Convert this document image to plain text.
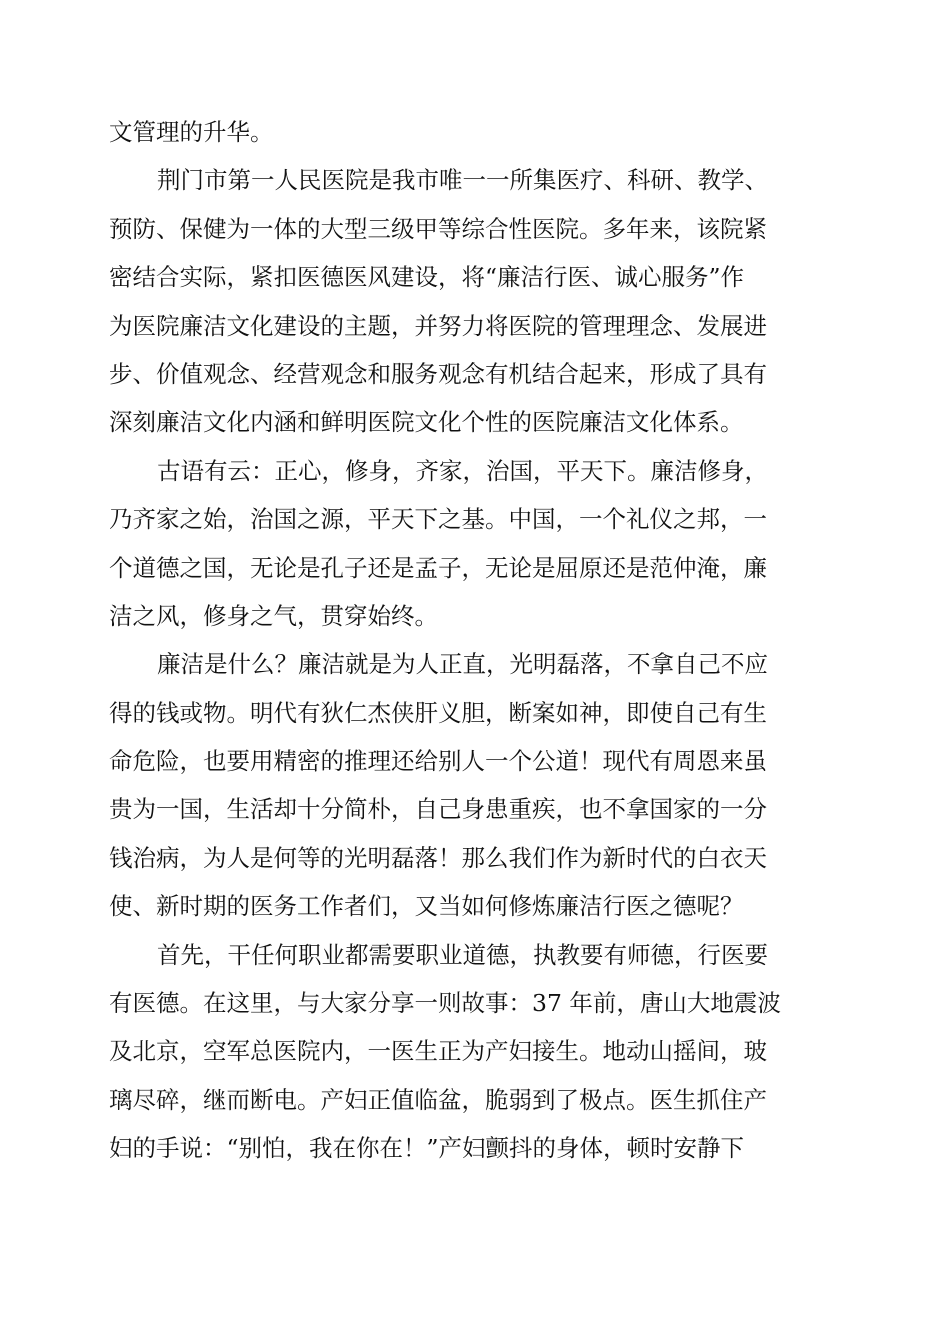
文管理的升华。
荆门市第一人民医院是我市唯一一所集医疗、科研、教学、
预防、保健为一体的大型三级甲等综合性医院。多年来，该院紧
密结合实际，紧扣医德医风建设，将“廉洁行医、诚心服务”作
为医院廉洁文化建设的主题，并努力将医院的管理理念、发展进
步、价值观念、经营观念和服务观念有机结合起来，形成了具有
深刻廉洁文化内涵和鲜明医院文化个性的医院廉洁文化体系。
古语有云：正心，修身，齐家，治国，平天下。廉洁修身，
乃齐家之始，治国之源，平天下之基。中国，一个礼仪之邦，一
个道德之国，无论是孔子还是孟子，无论是屈原还是范仲淹，廉
洁之风，修身之气，贯穿始终。
廉洁是什么？廉洁就是为人正直，光明磊落，不拿自己不应
得的钱或物。明代有狄仁杰侠肝义胆，断案如神，即使自己有生
命危险，也要用精密的推理还给别人一个公道！现代有周恩来虽
贵为一国，生活却十分简朴，自己身患重疾，也不拿国家的一分
钱治病，为人是何等的光明磊落！那么我们作为新时代的白衣天
使、新时期的医务工作者们，又当如何修炼廉洁行医之德呢？
首先，干任何职业都需要职业道德，执教要有师德，行医要
有医德。在这里，与大家分享一则故事：37 年前，唐山大地震波
及北京，空军总医院内，一医生正为产妇接生。地动山摇间，玻
璃尽碎，继而断电。产妇正值临盆，脆弱到了极点。医生抓住产
妇的手说：“别怕，我在你在！”产妇颤抖的身体，顿时安静下
